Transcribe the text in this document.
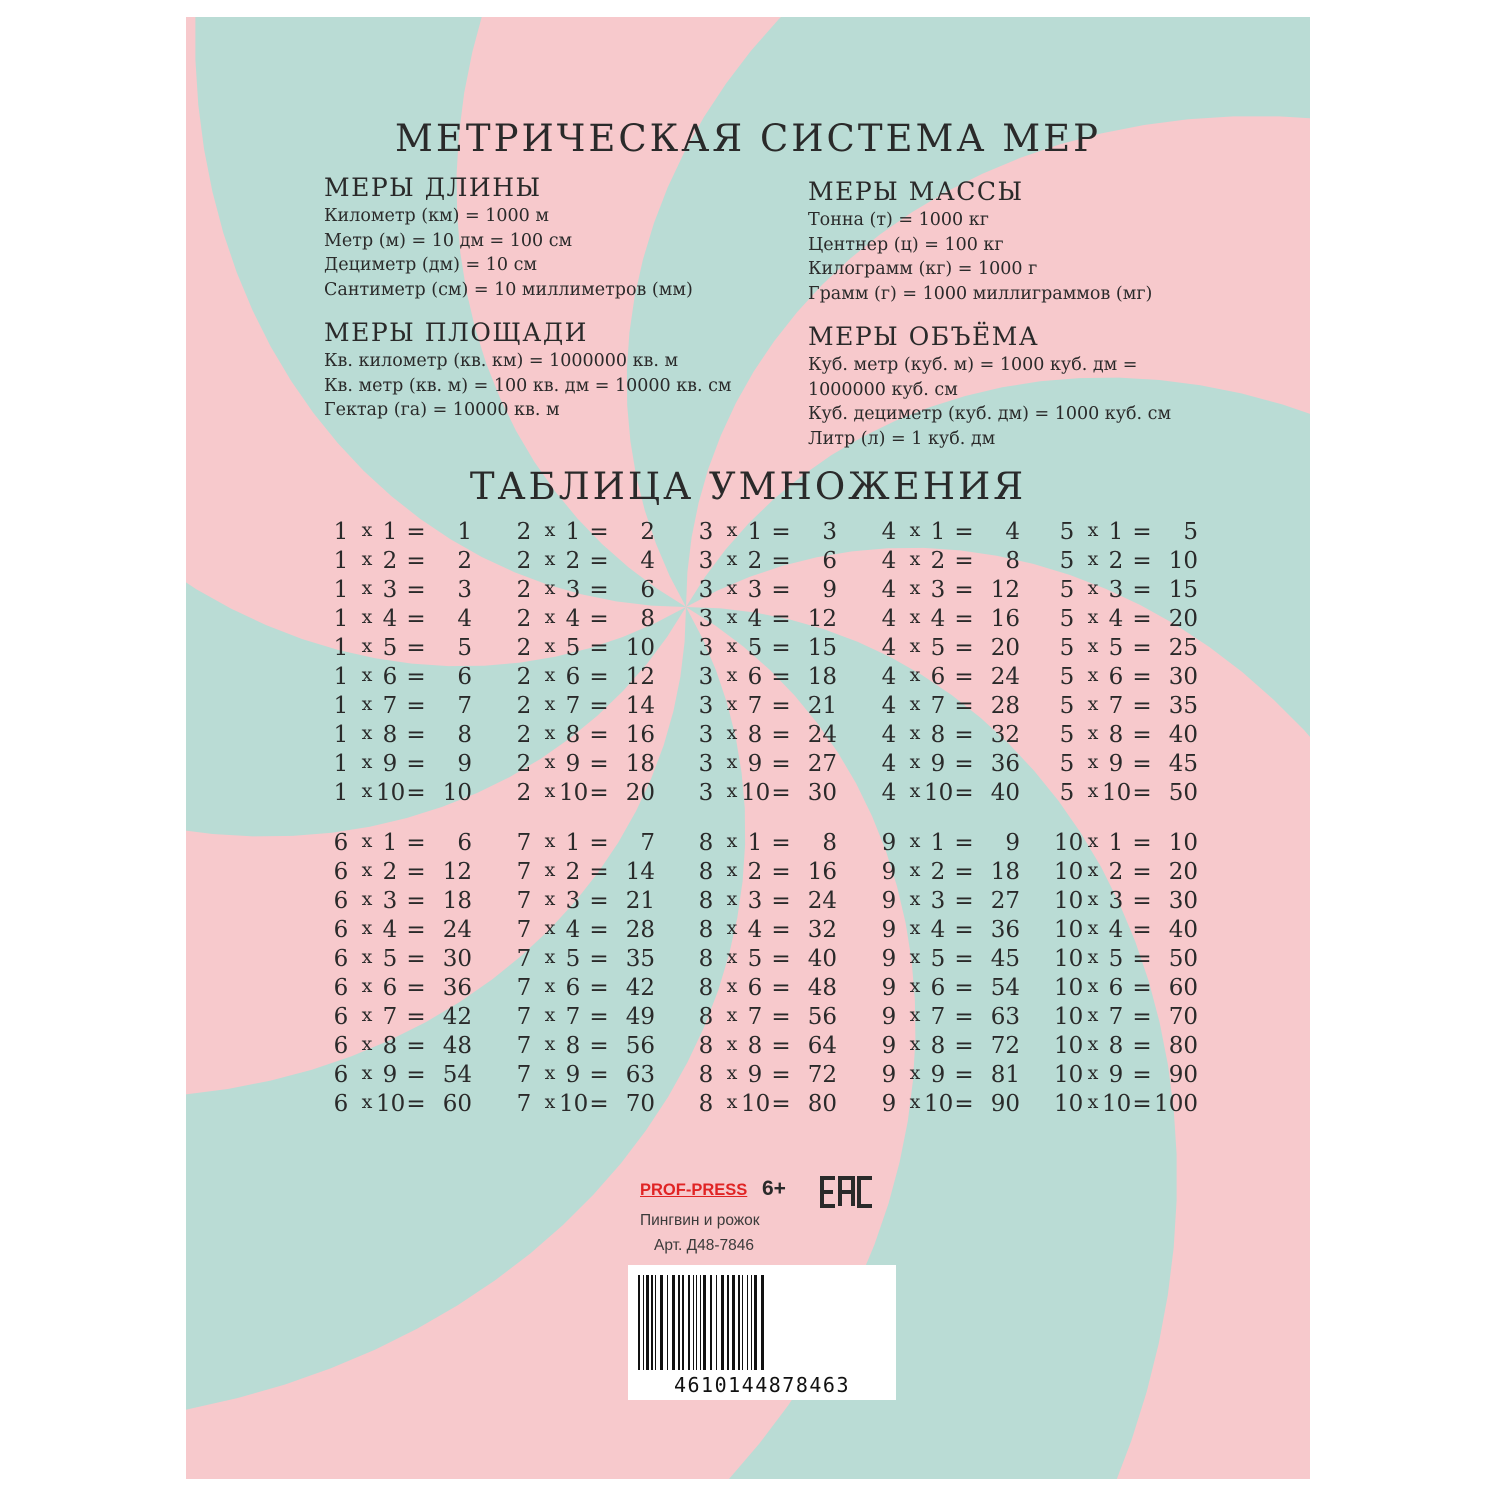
МЕТРИЧЕСКАЯ СИСТЕМА МЕР
МЕРЫ ДЛИНЫ
Километр (км) = 1000 м
Метр (м) = 10 дм = 100 см
Дециметр (дм) = 10 см
Сантиметр (см) = 10 миллиметров (мм)
МЕРЫ МАССЫ
Тонна (т) = 1000 кг
Центнер (ц) = 100 кг
Килограмм (кг) = 1000 г
Грамм (г) = 1000 миллиграммов (мг)
МЕРЫ ПЛОЩАДИ
Кв. километр (кв. км) = 1000000 кв. м
Кв. метр (кв. м) = 100 кв. дм = 10000 кв. см
Гектар (га) = 10000 кв. м
МЕРЫ ОБЪЁМА
Куб. метр (куб. м) = 1000 куб. дм =
1000000 куб. см
Куб. дециметр (куб. дм) = 1000 куб. см
Литр (л) = 1 куб. дм
ТАБЛИЦА УМНОЖЕНИЯ
1 x 1 =	1
1 x 2 =	2
1 x 3 =	3
1 x 4 =	4
1 x 5 =	5
1 x 6 =	6
1 x 7 =	7
1 x 8 =	8
1 x 9 =	9
1 x 10 = 10
2 x 1 =	2
2 x 2 =	4
2 x 3 =	6
2 x 4 =	8
2 x 5 = 10
2 x 6 = 12
2 x 7 = 14
2 x 8 = 16
2 x 9 = 18
2 x 10 = 20
3 x 1 =	3
3 x 2 =	6
3 x 3 =	9
3 x 4 = 12
3 x 5 = 15
3 x 6 = 18
3 x 7 = 21
3 x 8 = 24
3 x 9 = 27
3 x 10 = 30
4 x 1 =	4
4 x 2 =	8
4 x 3 = 12
4 x 4 = 16
4 x 5 = 20
4 x 6 = 24
4 x 7 = 28
4 x 8 = 32
4 x 9 = 36
4 x 10 = 40
5 x 1 =	5
5 x 2 = 10
5 x 3 = 15
5 x 4 = 20
5 x 5 = 25
5 x 6 = 30
5 x 7 = 35
5 x 8 = 40
5 x 9 = 45
5 x 10 = 50
6 x 1 =	6
6 x 2 = 12
6 x 3 = 18
6 x 4 = 24
6 x 5 = 30
6 x 6 = 36
6 x 7 = 42
6 x 8 = 48
6 x 9 = 54
6 x 10 = 60
7 x 1 =	7
7 x 2 = 14
7 x 3 = 21
7 x 4 = 28
7 x 5 = 35
7 x 6 = 42
7 x 7 = 49
7 x 8 = 56
7 x 9 = 63
7 x 10 = 70
8 x 1 =	8
8 x 2 = 16
8 x 3 = 24
8 x 4 = 32
8 x 5 = 40
8 x 6 = 48
8 x 7 = 56
8 x 8 = 64
8 x 9 = 72
8 x 10 = 80
9 x 1 =	9
9 x 2 = 18
9 x 3 = 27
9 x 4 = 36
9 x 5 = 45
9 x 6 = 54
9 x 7 = 63
9 x 8 = 72
9 x 9 = 81
9 x 10 = 90
10 x 1 = 10
10 x 2 = 20
10 x 3 = 30
10 x 4 = 40
10 x 5 = 50
10 x 6 = 60
10 x 7 = 70
10 x 8 = 80
10 x 9 = 90
10 x 10 = 100
PROF-PRESS 6+
Пингвин и рожок
Арт. Д48-7846
4610144878463
